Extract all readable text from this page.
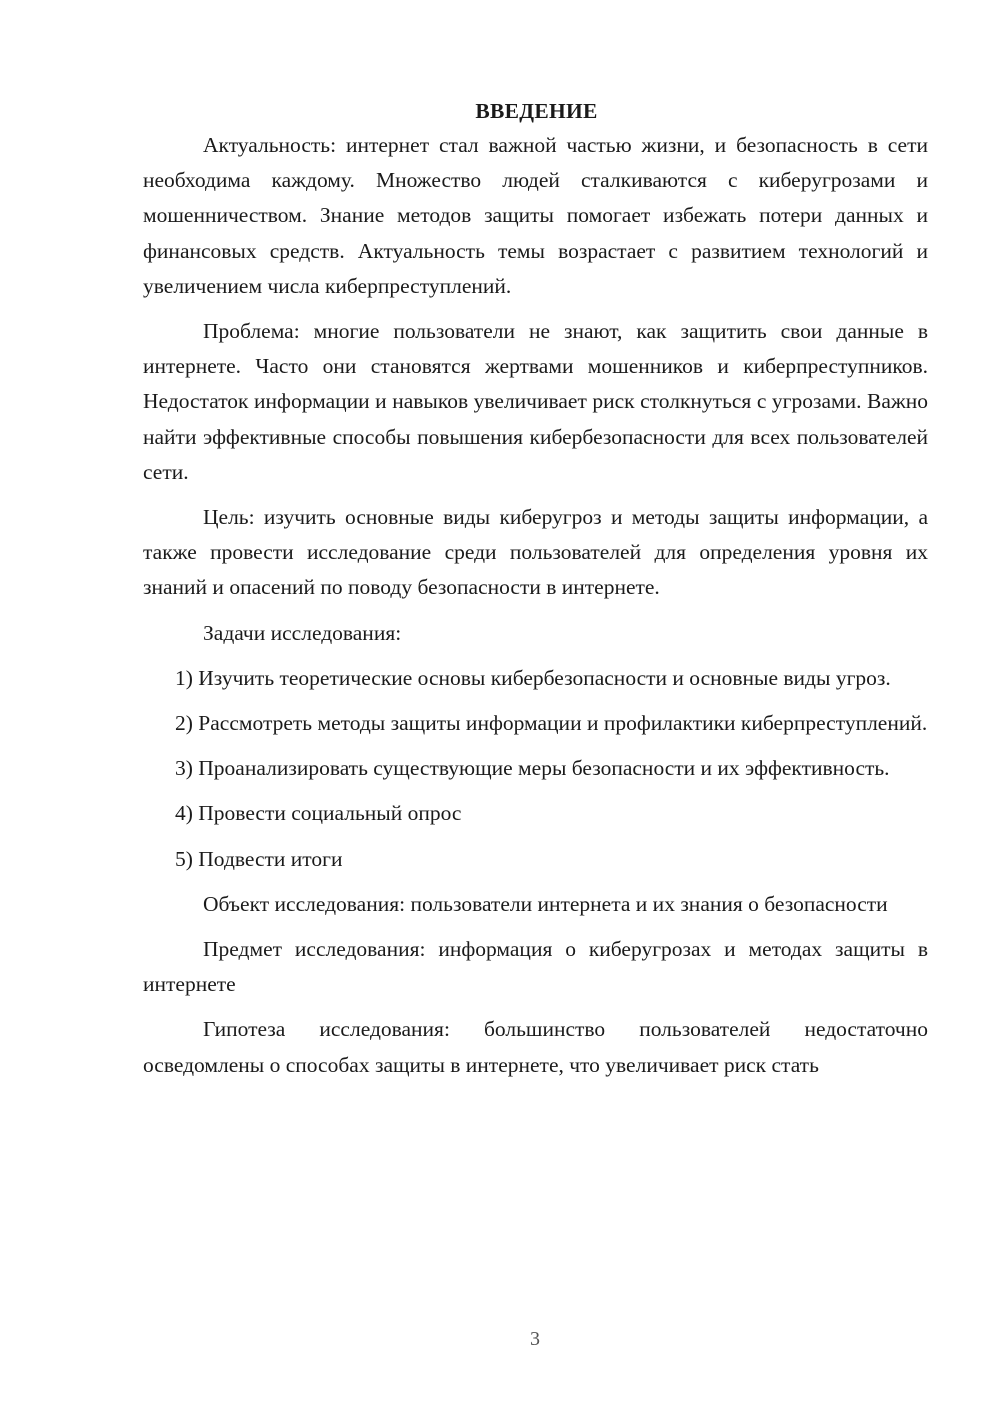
ВВЕДЕНИЕ

Актуальность: интернет стал важной частью жизни, и безопасность в сети необходима каждому. Множество людей сталкиваются с киберугрозами и мошенничеством. Знание методов защиты помогает избежать потери данных и финансовых средств. Актуальность темы возрастает с развитием технологий и увеличением числа киберпреступлений.

Проблема: многие пользователи не знают, как защитить свои данные в интернете. Часто они становятся жертвами мошенников и киберпреступников. Недостаток информации и навыков увеличивает риск столкнуться с угрозами. Важно найти эффективные способы повышения кибербезопасности для всех пользователей сети.

Цель: изучить основные виды киберугроз и методы защиты информации, а также провести исследование среди пользователей для определения уровня их знаний и опасений по поводу безопасности в интернете.

Задачи исследования:

1) Изучить теоретические основы кибербезопасности и основные виды угроз.

2) Рассмотреть методы защиты информации и профилактики киберпреступлений.

3) Проанализировать существующие меры безопасности и их эффективность.

4) Провести социальный опрос

5) Подвести итоги

Объект исследования: пользователи интернета и их знания о безопасности

Предмет исследования: информация о киберугрозах и методах защиты в интернете

Гипотеза исследования: большинство пользователей недостаточно осведомлены о способах защиты в интернете, что увеличивает риск стать

3
